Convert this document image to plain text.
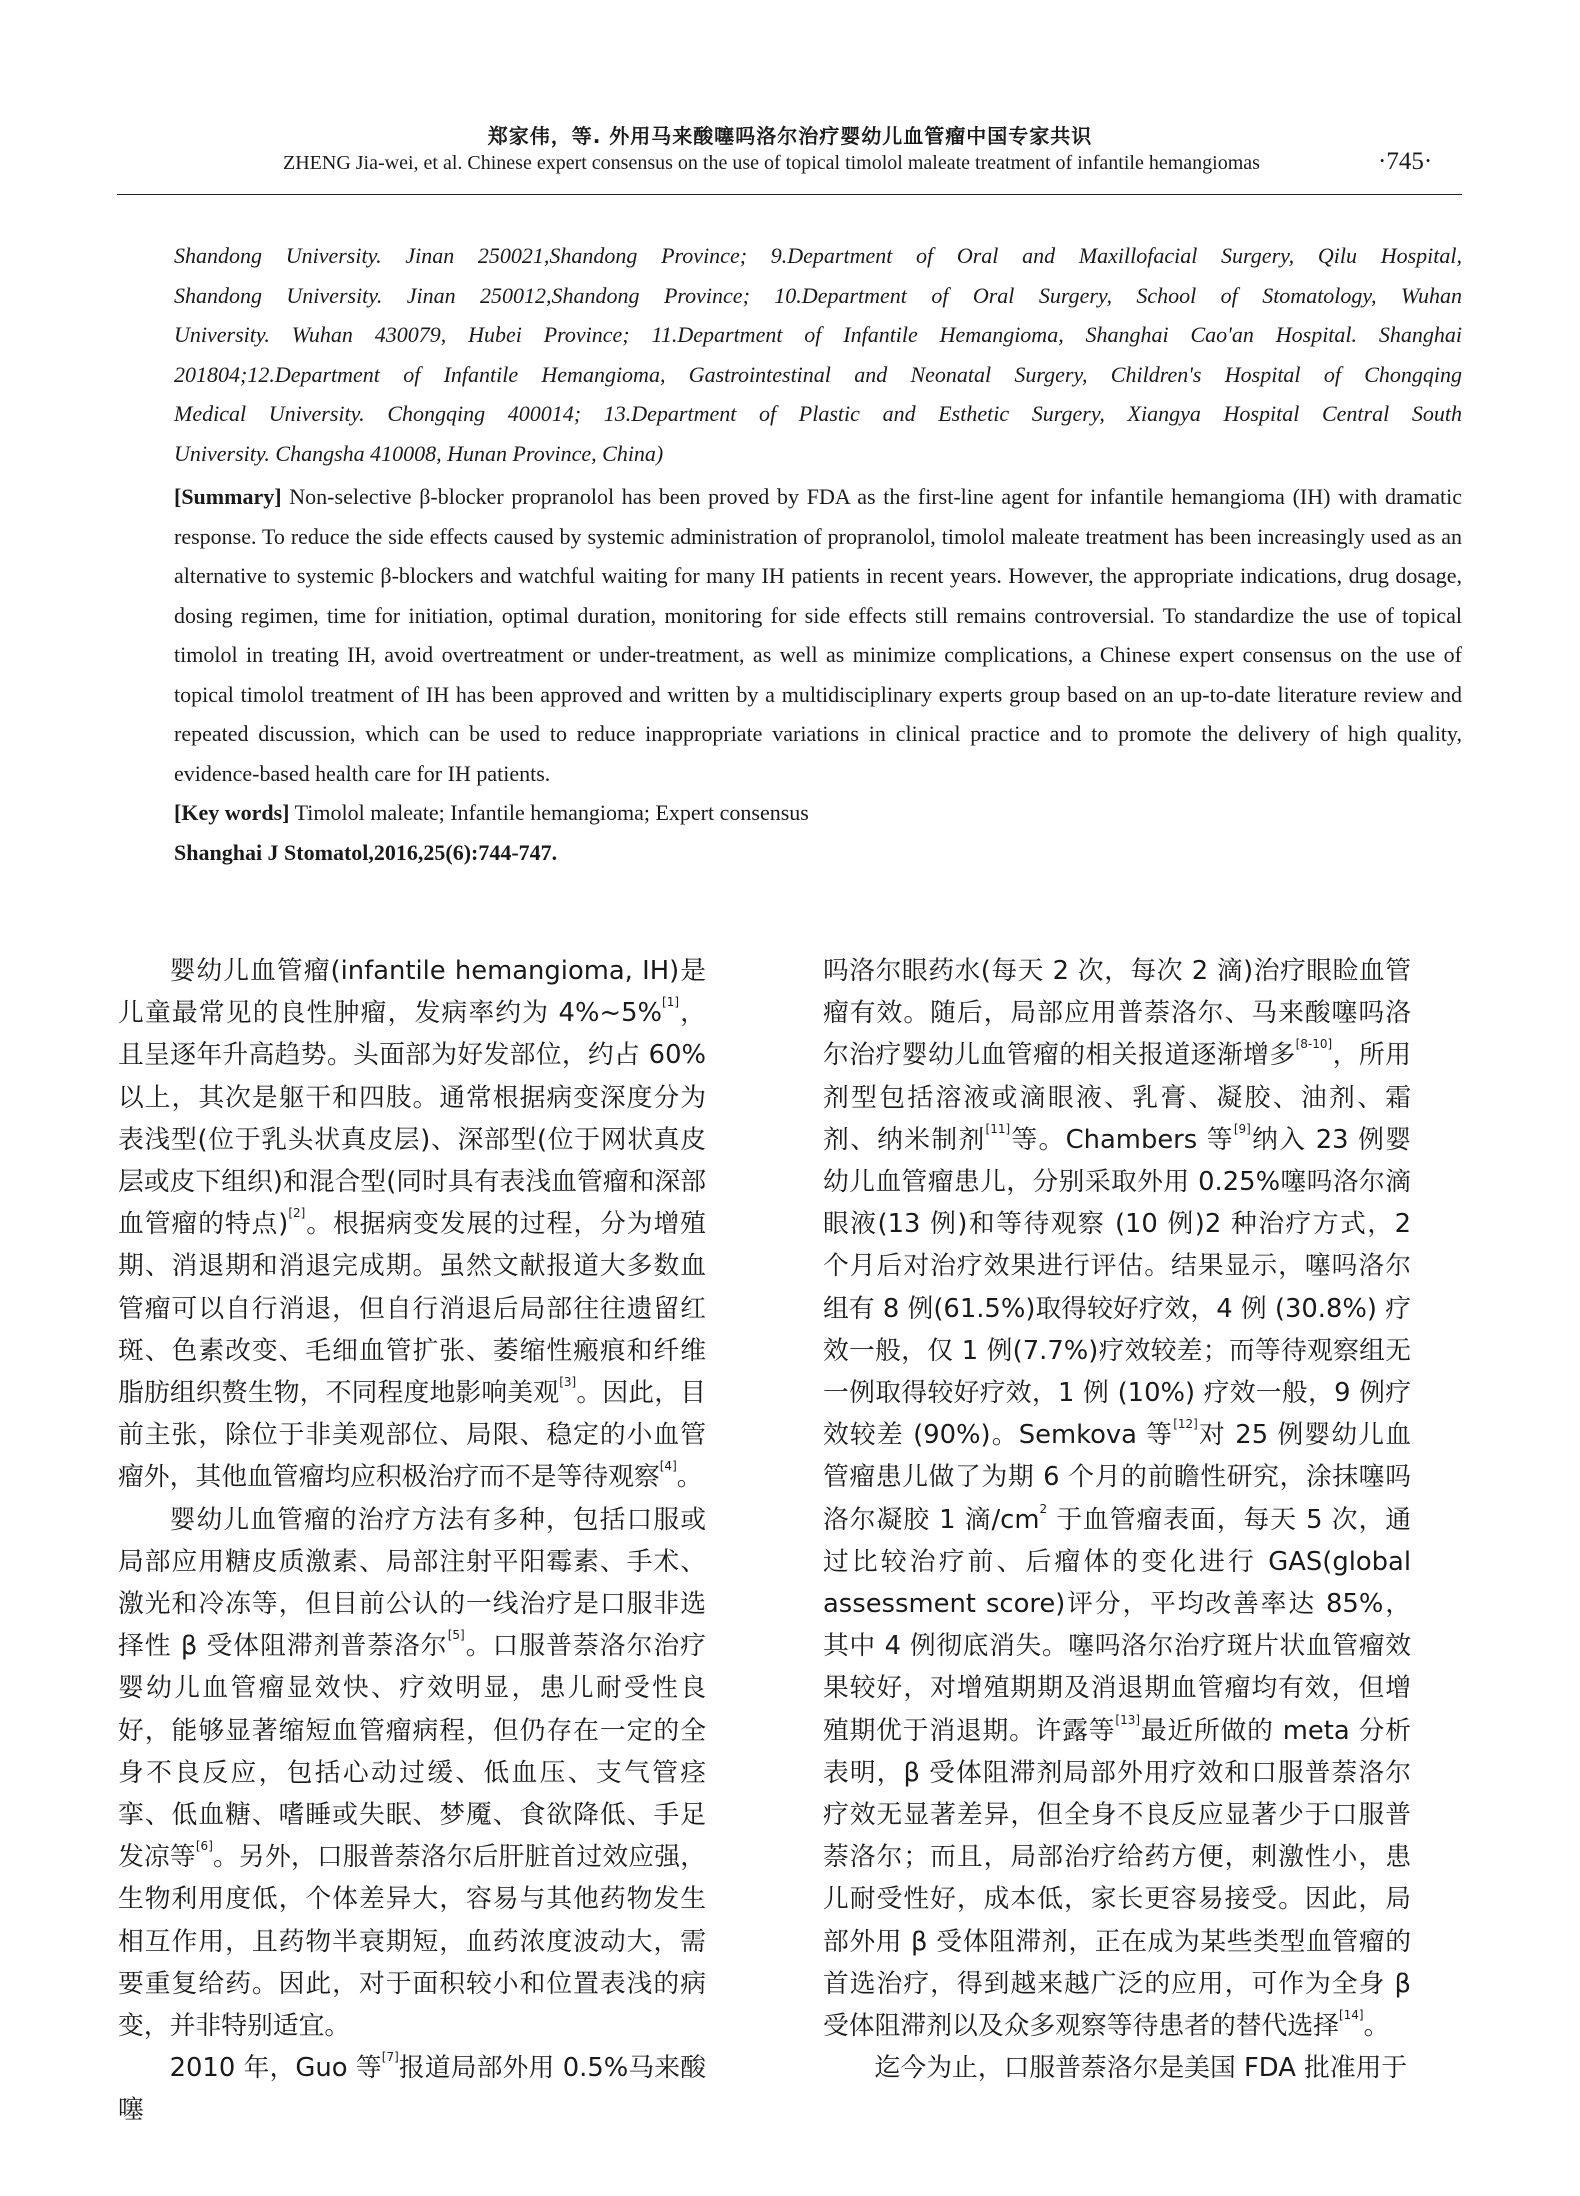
郑家伟，等. 外用马来酸噻吗洛尔治疗婴幼儿血管瘤中国专家共识
ZHENG Jia-wei, et al. Chinese expert consensus on the use of topical timolol maleate treatment of infantile hemangiomas	·745·
Shandong University. Jinan 250021,Shandong Province; 9.Department of Oral and Maxillofacial Surgery, Qilu Hospital,
Shandong University. Jinan 250012,Shandong Province; 10.Department of Oral Surgery, School of Stomatology, Wuhan
University. Wuhan 430079, Hubei Province; 11.Department of Infantile Hemangioma, Shanghai Cao'an Hospital. Shanghai
201804;12.Department of Infantile Hemangioma, Gastrointestinal and Neonatal Surgery, Children's Hospital of Chongqing
Medical University. Chongqing 400014; 13.Department of Plastic and Esthetic Surgery, Xiangya Hospital Central South
University. Changsha 410008, Hunan Province, China)
[Summary] Non-selective β-blocker propranolol has been proved by FDA as the first-line agent for infantile hemangioma (IH) with dramatic response. To reduce the side effects caused by systemic administration of propranolol, timolol maleate treatment has been increasingly used as an alternative to systemic β-blockers and watchful waiting for many IH patients in recent years. However, the appropriate indications, drug dosage, dosing regimen, time for initiation, optimal duration, monitoring for side effects still remains controversial. To standardize the use of topical timolol in treating IH, avoid overtreatment or under-treatment, as well as minimize complications, a Chinese expert consensus on the use of topical timolol treatment of IH has been approved and written by a multidisciplinary experts group based on an up-to-date literature review and repeated discussion, which can be used to reduce inappropriate variations in clinical practice and to promote the delivery of high quality, evidence-based health care for IH patients.
[Key words] Timolol maleate; Infantile hemangioma; Expert consensus
Shanghai J Stomatol,2016,25(6):744-747.

婴幼儿血管瘤(infantile hemangioma, IH)是儿童最常见的良性肿瘤，发病率约为 4%~5%[1]，且呈逐年升高趋势。头面部为好发部位，约占 60%以上，其次是躯干和四肢。通常根据病变深度分为表浅型(位于乳头状真皮层)、深部型(位于网状真皮层或皮下组织)和混合型(同时具有表浅血管瘤和深部血管瘤的特点)[2]。根据病变发展的过程，分为增殖期、消退期和消退完成期。虽然文献报道大多数血管瘤可以自行消退，但自行消退后局部往往遗留红斑、色素改变、毛细血管扩张、萎缩性瘢痕和纤维脂肪组织赘生物，不同程度地影响美观[3]。因此，目前主张，除位于非美观部位、局限、稳定的小血管瘤外，其他血管瘤均应积极治疗而不是等待观察[4]。

婴幼儿血管瘤的治疗方法有多种，包括口服或局部应用糖皮质激素、局部注射平阳霉素、手术、激光和冷冻等，但目前公认的一线治疗是口服非选择性 β 受体阻滞剂普萘洛尔[5]。口服普萘洛尔治疗婴幼儿血管瘤显效快、疗效明显，患儿耐受性良好，能够显著缩短血管瘤病程，但仍存在一定的全身不良反应，包括心动过缓、低血压、支气管痉挛、低血糖、嗜睡或失眠、梦魇、食欲降低、手足发凉等[6]。另外，口服普萘洛尔后肝脏首过效应强，生物利用度低，个体差异大，容易与其他药物发生相互作用，且药物半衰期短，血药浓度波动大，需要重复给药。因此，对于面积较小和位置表浅的病变，并非特别适宜。

2010 年，Guo 等[7]报道局部外用 0.5%马来酸噻

吗洛尔眼药水(每天 2 次，每次 2 滴)治疗眼睑血管瘤有效。随后，局部应用普萘洛尔、马来酸噻吗洛尔治疗婴幼儿血管瘤的相关报道逐渐增多[8-10]，所用剂型包括溶液或滴眼液、乳膏、凝胶、油剂、霜剂、纳米制剂[11]等。Chambers 等[9]纳入 23 例婴幼儿血管瘤患儿，分别采取外用 0.25%噻吗洛尔滴眼液(13 例)和等待观察 (10 例)2 种治疗方式，2 个月后对治疗效果进行评估。结果显示，噻吗洛尔组有 8 例(61.5%)取得较好疗效，4 例 (30.8%) 疗效一般，仅 1 例(7.7%)疗效较差；而等待观察组无一例取得较好疗效，1 例 (10%) 疗效一般，9 例疗效较差 (90%)。Semkova 等[12]对 25 例婴幼儿血管瘤患儿做了为期 6 个月的前瞻性研究，涂抹噻吗洛尔凝胶 1 滴$/cm^2$ 于血管瘤表面，每天 5 次，通过比较治疗前、后瘤体的变化进行 GAS(global assessment score)评分，平均改善率达 85%，其中 4 例彻底消失。噻吗洛尔治疗斑片状血管瘤效果较好，对增殖期期及消退期血管瘤均有效，但增殖期优于消退期。许露等[13]最近所做的 meta 分析表明，β 受体阻滞剂局部外用疗效和口服普萘洛尔疗效无显著差异，但全身不良反应显著少于口服普萘洛尔；而且，局部治疗给药方便，刺激性小，患儿耐受性好，成本低，家长更容易接受。因此，局部外用 β 受体阻滞剂，正在成为某些类型血管瘤的首选治疗，得到越来越广泛的应用，可作为全身 β 受体阻滞剂以及众多观察等待患者的替代选择[14]。

迄今为止，口服普萘洛尔是美国 FDA 批准用于
